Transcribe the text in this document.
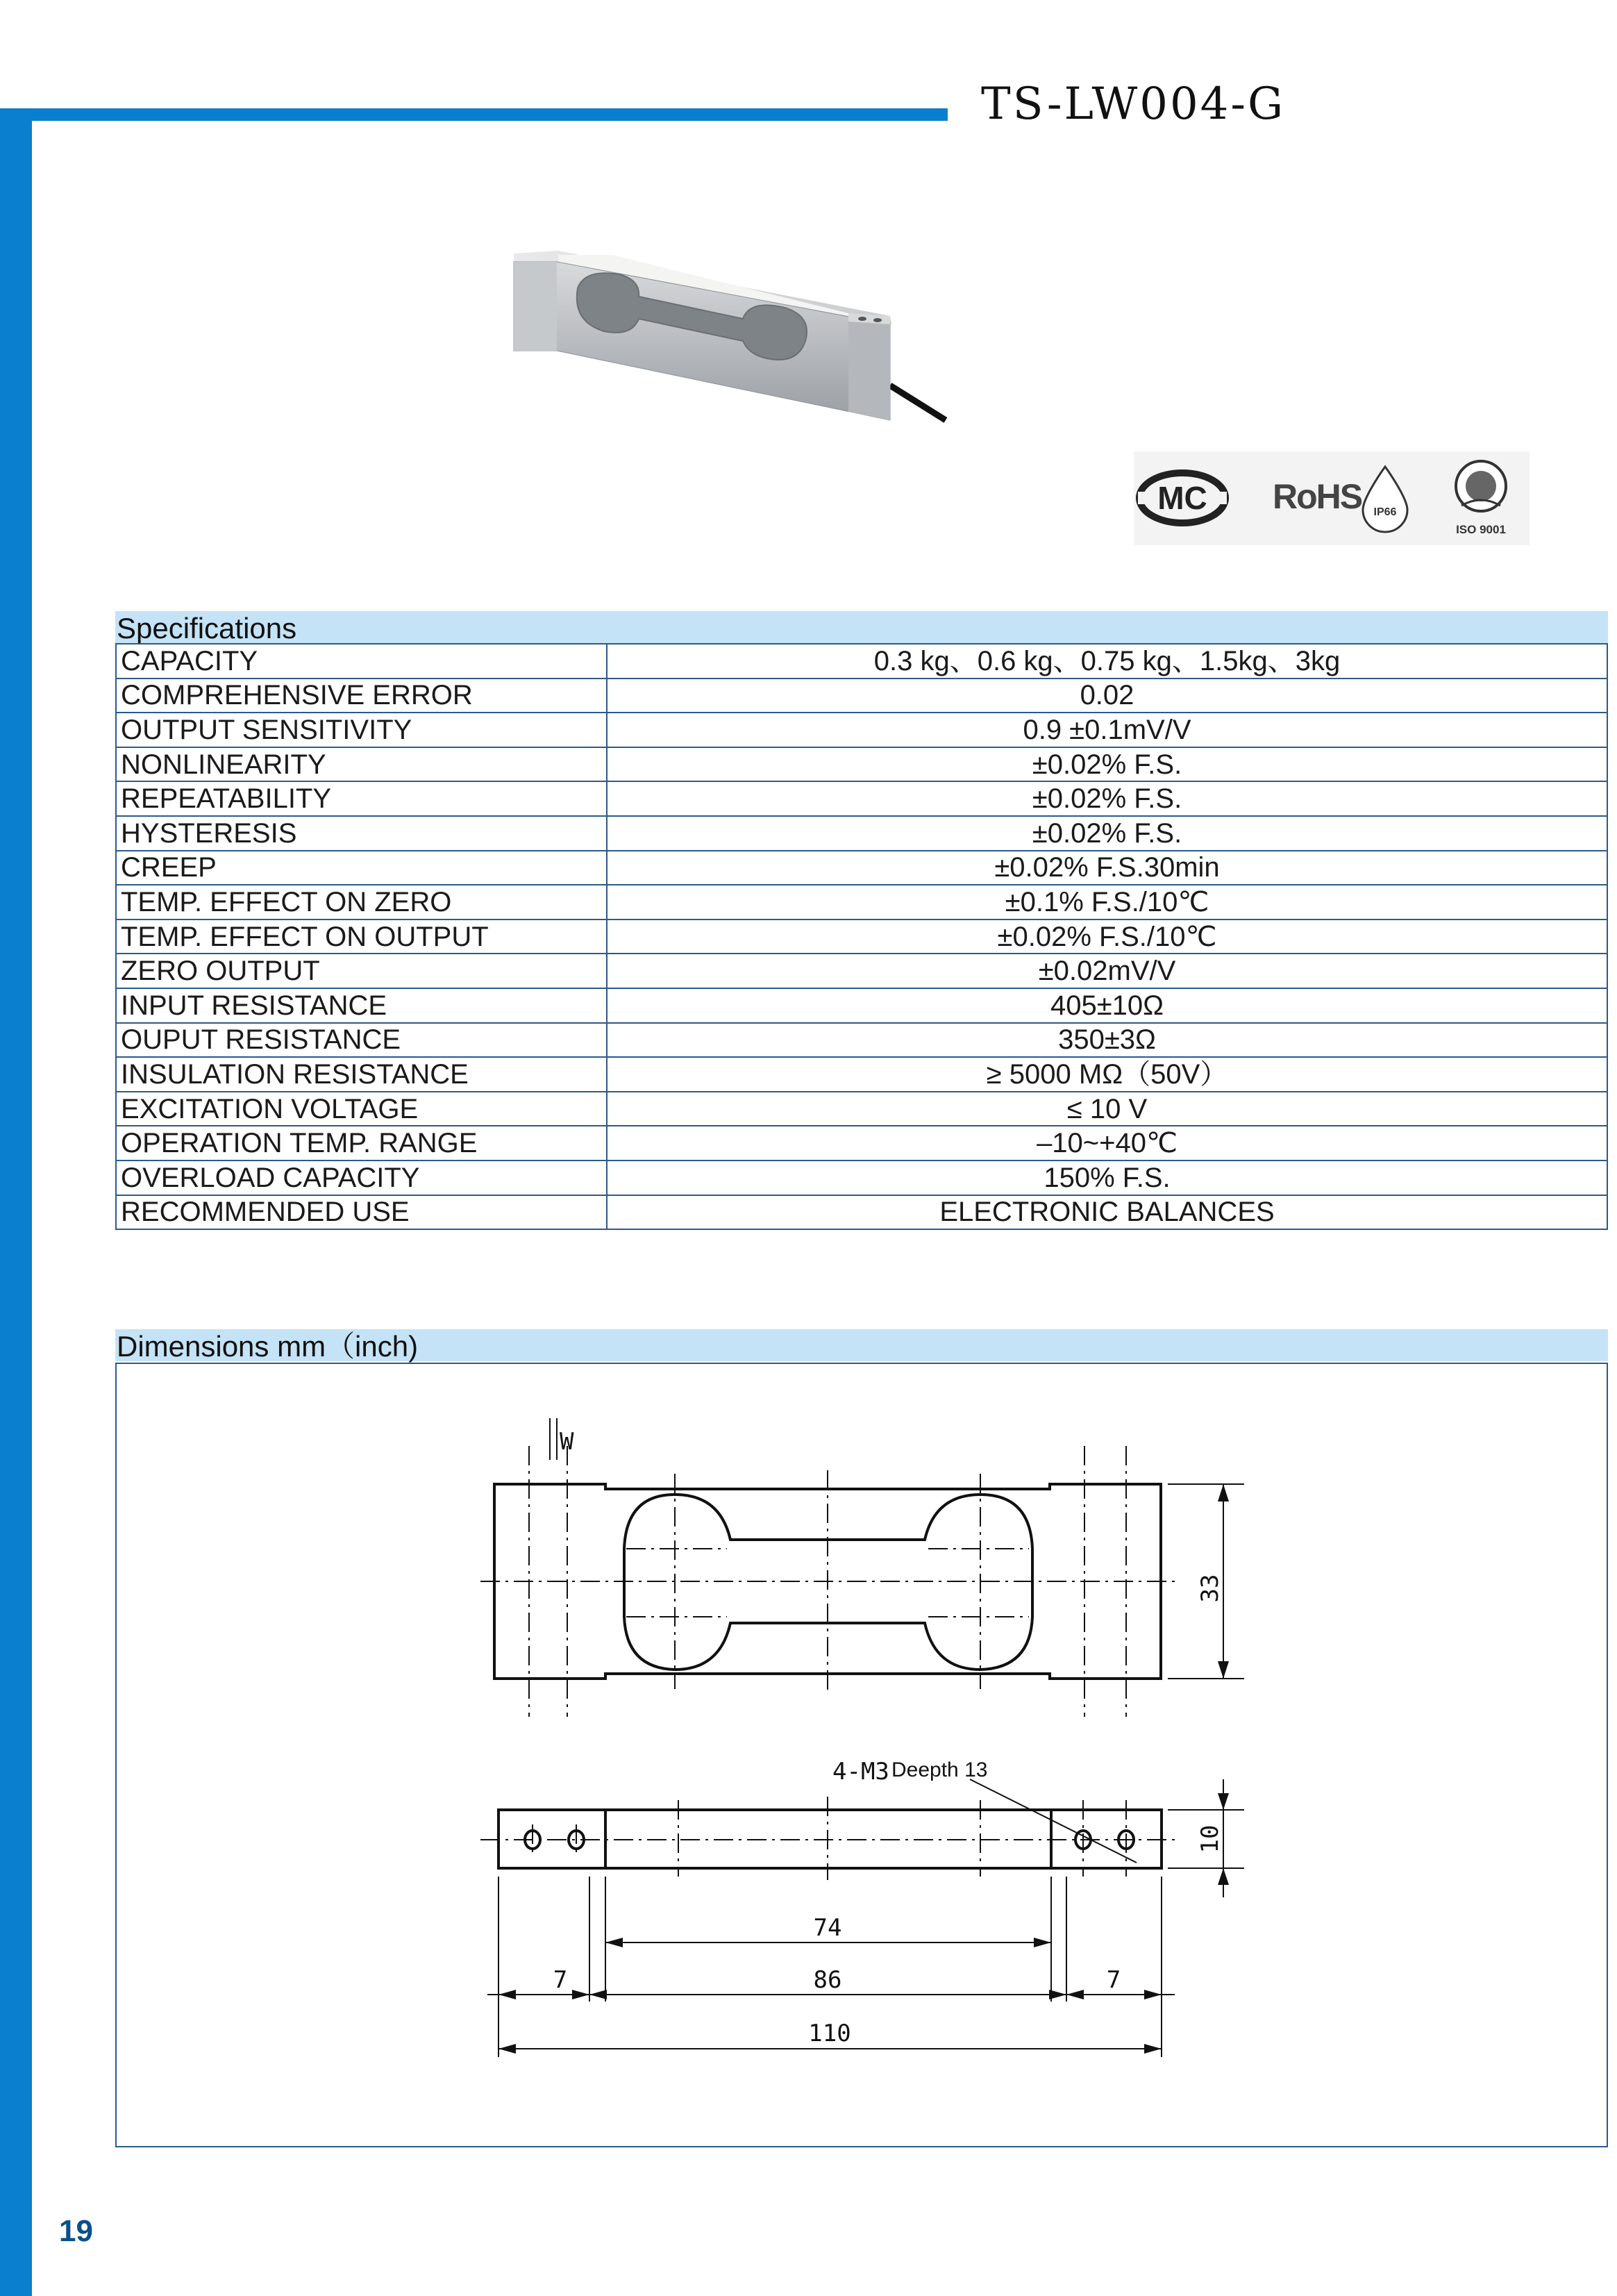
TS-LW004-G
MC RoHS IP66
ISO 9001
Specifications
CAPACITY	0.3 kg、0.6 kg、0.75 kg、1.5kg、3kg
COMPREHENSIVE ERROR	0.02
OUTPUT SENSITIVITY	0.9 ±0.1mV/V
NONLINEARITY	±0.02% F.S.
REPEATABILITY	±0.02% F.S.
HYSTERESIS	±0.02% F.S.
CREEP	±0.02% F.S.30min
TEMP. EFFECT ON ZERO	±0.1% F.S./10℃
TEMP. EFFECT ON OUTPUT	±0.02% F.S./10℃
ZERO OUTPUT	±0.02mV/V
INPUT RESISTANCE	405±10Ω
OUPUT RESISTANCE	350±3Ω
INSULATION RESISTANCE	≥ 5000 MΩ（50V）
EXCITATION VOLTAGE	≤ 10 V
OPERATION TEMP. RANGE	–10~+40℃
OVERLOAD CAPACITY	150% F.S.
RECOMMENDED USE	ELECTRONIC BALANCES
Dimensions mm（inch)
33
W
4-M3 Deepth 13
10
74
7	86	7
110
19
